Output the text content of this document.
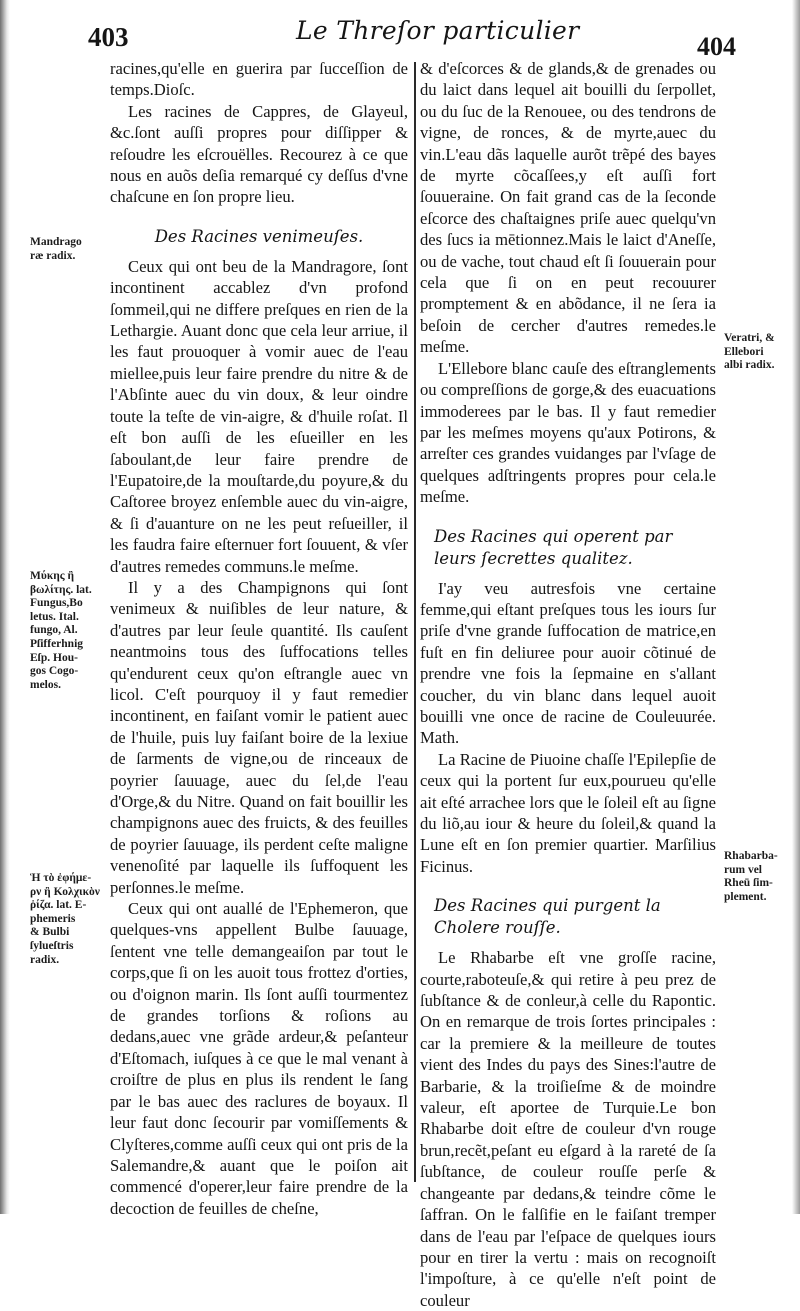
403	Le Threſor particulier
404

racines,qu'elle en guerira par ſucceſſion de temps.Dioſc.

Les racines de Cappres, de Glayeul, &c.ſont auſſi propres pour diſſipper & reſoudre les eſcrouëlles. Recourez à ce que nous en auõs deſia remarqué cy deſſus d'vne chaſcune en ſon propre lieu.

Des Racines venimeuſes.

Ceux qui ont beu de la Mandragore, ſont incontinent accablez d'vn profond ſommeil,qui ne differe preſques en rien de la Lethargie. Auant donc que cela leur arriue, il les faut prouoquer à vomir auec de l'eau miellee,puis leur faire prendre du nitre & de l'Abſinte auec du vin doux, & leur oindre toute la teſte de vin-aigre, & d'huile roſat. Il eſt bon auſſi de les eſueiller en les ſaboulant,de leur faire prendre de l'Eupatoire,de la mouſtarde,du poyure,& du Caſtoree broyez enſemble auec du vin-aigre, & ſi d'auanture on ne les peut reſueiller, il les faudra faire eſternuer fort ſouuent, & vſer d'autres remedes communs.le meſme.

Il y a des Champignons qui ſont venimeux & nuiſibles de leur nature, & d'autres par leur ſeule quantité. Ils cauſent neantmoins tous des ſuffocations telles qu'endurent ceux qu'on eſtrangle auec vn licol. C'eſt pourquoy il y faut remedier incontinent, en faiſant vomir le patient auec de l'huile, puis luy faiſant boire de la lexiue de ſarments de vigne,ou de rinceaux de poyrier ſauuage, auec du ſel,de l'eau d'Orge,& du Nitre. Quand on fait bouillir les champignons auec des fruicts, & des feuilles de poyrier ſauuage, ils perdent ceſte maligne venenoſité par laquelle ils ſuffoquent les perſonnes.le meſme.

Ceux qui ont auallé de l'Ephemeron, que quelques-vns appellent Bulbe ſauuage, ſentent vne telle demangeaiſon par tout le corps,que ſi on les auoit tous frottez d'orties, ou d'oignon marin. Ils ſont auſſi tourmentez de grandes torſions & roſions au dedans,auec vne grãde ardeur,& peſanteur d'Eſtomach, iuſques à ce que le mal venant à croiſtre de plus en plus ils rendent le ſang par le bas auec des raclures de boyaux. Il leur faut donc ſecourir par vomiſſements & Clyſteres,comme auſſi ceux qui ont pris de la Salemandre,& auant que le poiſon ait commencé d'operer,leur faire prendre de la decoction de feuilles de cheſne,

& d'eſcorces & de glands,& de grenades ou du laict dans lequel ait bouilli du ſerpollet, ou du ſuc de la Renouee, ou des tendrons de vigne, de ronces, & de myrte,auec du vin.L'eau dãs laquelle aurõt trẽpé des bayes de myrte cõcaſſees,y eſt auſſi fort ſouueraine. On fait grand cas de la ſeconde eſcorce des chaſtaignes priſe auec quelqu'vn des ſucs ia mētionnez.Mais le laict d'Aneſſe, ou de vache, tout chaud eſt ſi ſouuerain pour cela que ſi on en peut recouurer promptement & en abõdance, il ne ſera ia beſoin de cercher d'autres remedes.le meſme.

L'Ellebore blanc cauſe des eſtranglements ou compreſſions de gorge,& des euacuations immoderees par le bas. Il y faut remedier par les meſmes moyens qu'aux Potirons, & arreſter ces grandes vuidanges par l'vſage de quelques adſtringents propres pour cela.le meſme.

Des Racines qui operent par leurs ſecrettes qualitez.

I'ay veu autresfois vne certaine femme,qui eſtant preſques tous les iours ſur priſe d'vne grande ſuffocation de matrice,en fuſt en fin deliuree pour auoir cõtinué de prendre vne fois la ſepmaine en s'allant coucher, du vin blanc dans lequel auoit bouilli vne once de racine de Couleuurée. Math.

La Racine de Piuoine chaſſe l'Epilepſie de ceux qui la portent ſur eux,pourueu qu'elle ait eſté arrachee lors que le ſoleil eſt au ſigne du liõ,au iour & heure du ſoleil,& quand la Lune eſt en ſon premier quartier. Marſilius Ficinus.

Des Racines qui purgent la Cholere rouſſe.

Le Rhabarbe eſt vne groſſe racine, courte,raboteuſe,& qui retire à peu prez de ſubſtance & de conleur,à celle du Rapontic. On en remarque de trois ſortes principales : car la premiere & la meilleure de toutes vient des Indes du pays des Sines:l'autre de Barbarie, & la troiſieſme & de moindre valeur, eſt aportee de Turquie.Le bon Rhabarbe doit eſtre de couleur d'vn rouge brun,recẽt,peſant eu eſgard à la rareté de ſa ſubſtance, de couleur rouſſe perſe & changeante par dedans,& teindre cõme le ſaffran. On le falſifie en le faiſant tremper dans de l'eau par l'eſpace de quelques iours pour en tirer la vertu : mais on recognoiſt l'impoſture, à ce qu'elle n'eſt point de couleur

Mandrago
ræ radix.
Μύκης ἢ βωλίτης. lat.
Fungus,Bo
letus. Ital.
fungo, Al.
Pſifferhnig
Eſp. Hou-
gos Cogo-
melos.
Ἡ τὸ ἐφήμε-
ρν ἢ Κολχικὸν
ῥίζα. lat. E-
phemeris
& Bulbi
ſylueſtris
radix.
Veratri, &
Ellebori
albi radix.
Rhabarba-
rum vel
Rheū ſim-
plement.
